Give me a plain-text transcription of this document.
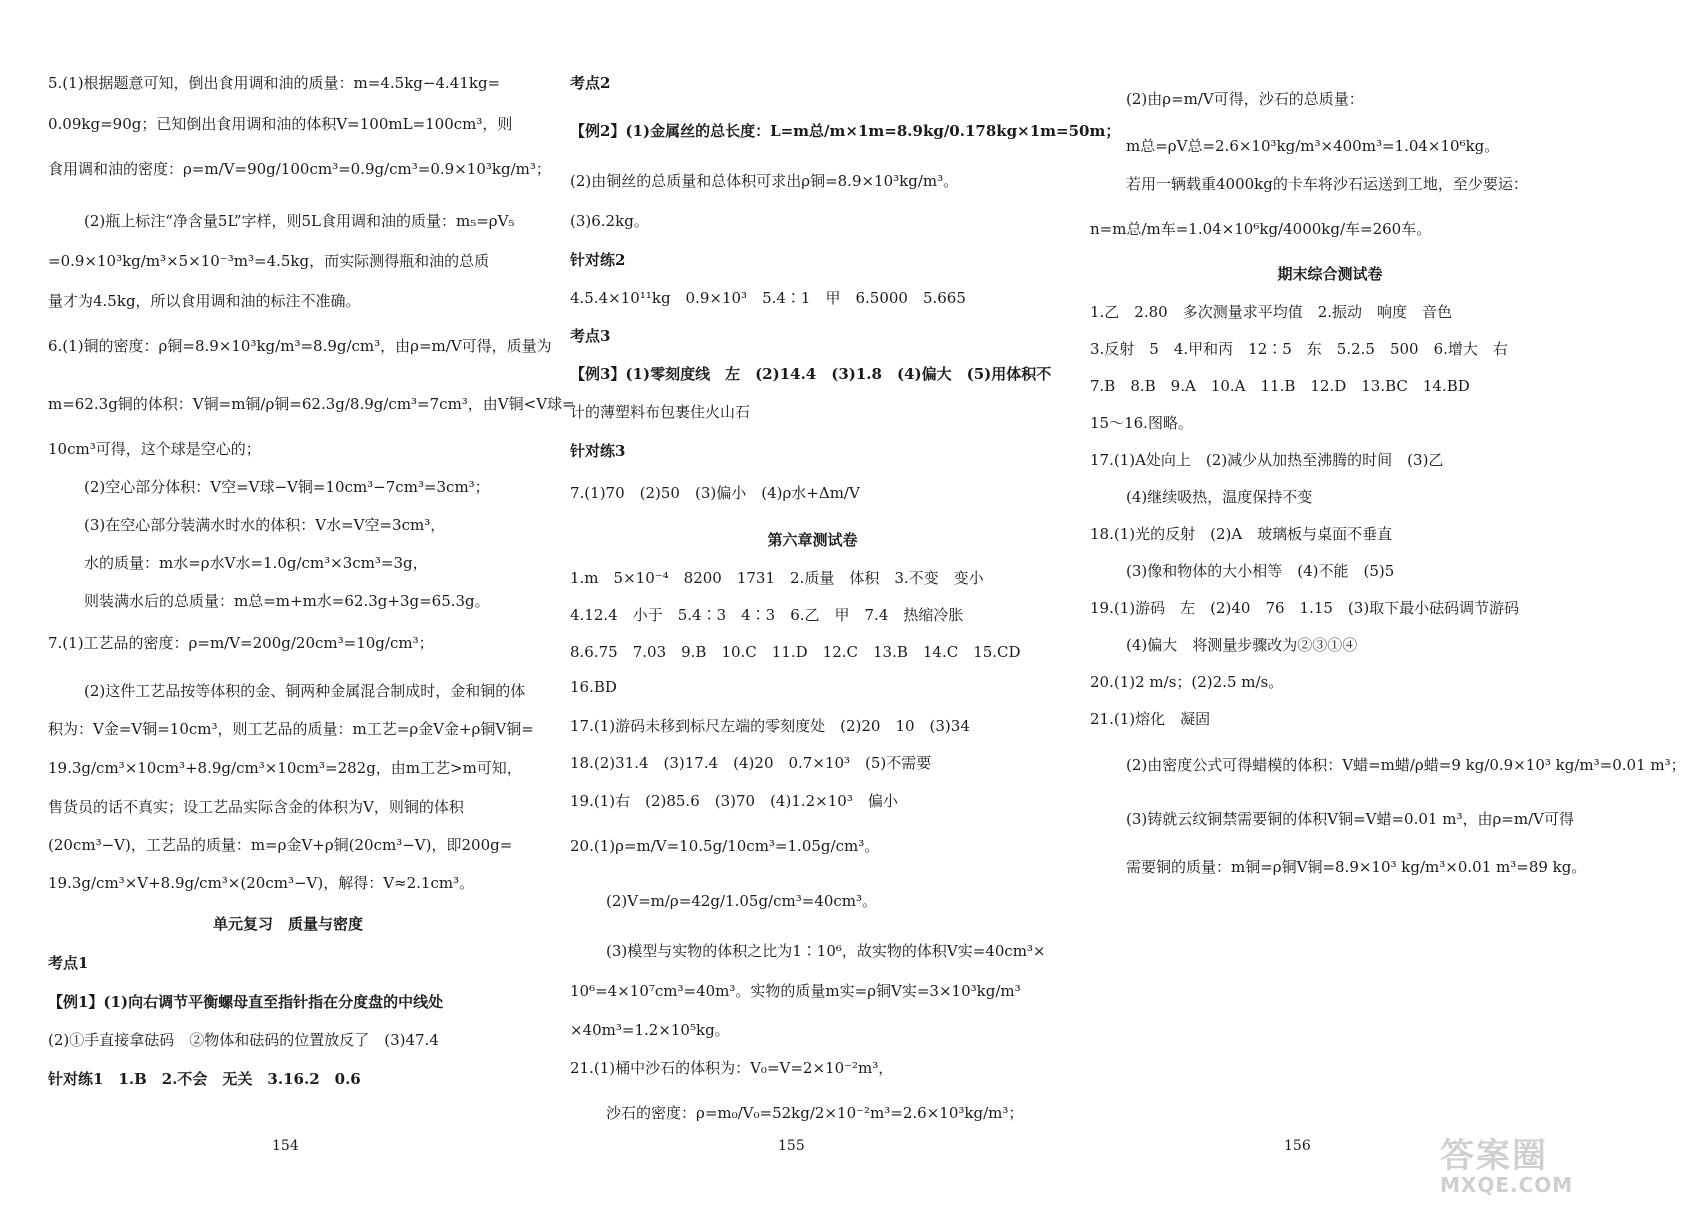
5.(1)根据题意可知，倒出食用调和油的质量：m=4.5kg−4.41kg=
0.09kg=90g；已知倒出食用调和油的体积V=100mL=100cm³，则
食用调和油的密度：ρ=m/V=90g/100cm³=0.9g/cm³=0.9×10³kg/m³；
(2)瓶上标注“净含量5L”字样，则5L食用调和油的质量：m₅=ρV₅
=0.9×10³kg/m³×5×10⁻³m³=4.5kg，而实际测得瓶和油的总质
量才为4.5kg，所以食用调和油的标注不准确。
6.(1)铜的密度：ρ铜=8.9×10³kg/m³=8.9g/cm³，由ρ=m/V可得，质量为
m=62.3g铜的体积：V铜=m铜/ρ铜=62.3g/8.9g/cm³=7cm³，由V铜<V球=
10cm³可得，这个球是空心的；
(2)空心部分体积：V空=V球−V铜=10cm³−7cm³=3cm³；
(3)在空心部分装满水时水的体积：V水=V空=3cm³，
水的质量：m水=ρ水V水=1.0g/cm³×3cm³=3g，
则装满水后的总质量：m总=m+m水=62.3g+3g=65.3g。
7.(1)工艺品的密度：ρ=m/V=200g/20cm³=10g/cm³；
(2)这件工艺品按等体积的金、铜两种金属混合制成时，金和铜的体
积为：V金=V铜=10cm³，则工艺品的质量：m工艺=ρ金V金+ρ铜V铜=
19.3g/cm³×10cm³+8.9g/cm³×10cm³=282g，由m工艺>m可知，
售货员的话不真实；设工艺品实际含金的体积为V，则铜的体积
(20cm³−V)，工艺品的质量：m=ρ金V+ρ铜(20cm³−V)，即200g=
19.3g/cm³×V+8.9g/cm³×(20cm³−V)，解得：V≈2.1cm³。
单元复习　质量与密度
考点1
【例1】(1)向右调节平衡螺母直至指针指在分度盘的中线处
(2)①手直接拿砝码　②物体和砝码的位置放反了　(3)47.4
针对练1　1.B　2.不会　无关　3.16.2　0.6
考点2
【例2】(1)金属丝的总长度：L=m总/m×1m=8.9kg/0.178kg×1m=50m；
(2)由铜丝的总质量和总体积可求出ρ铜=8.9×10³kg/m³。
(3)6.2kg。
针对练2
4.5.4×10¹¹kg　0.9×10³　5.4∶1　甲　6.5000　5.665
考点3
【例3】(1)零刻度线　左　(2)14.4　(3)1.8　(4)偏大　(5)用体积不
计的薄塑料布包裹住火山石
针对练3
7.(1)70　(2)50　(3)偏小　(4)ρ水+Δm/V
第六章测试卷
1.m　5×10⁻⁴　8200　1731　2.质量　体积　3.不变　变小
4.12.4　小于　5.4∶3　4∶3　6.乙　甲　7.4　热缩冷胀
8.6.75　7.03　9.B　10.C　11.D　12.C　13.B　14.C　15.CD
16.BD
17.(1)游码未移到标尺左端的零刻度处　(2)20　10　(3)34
18.(2)31.4　(3)17.4　(4)20　0.7×10³　(5)不需要
19.(1)右　(2)85.6　(3)70　(4)1.2×10³　偏小
20.(1)ρ=m/V=10.5g/10cm³=1.05g/cm³。
(2)V=m/ρ=42g/1.05g/cm³=40cm³。
(3)模型与实物的体积之比为1∶10⁶，故实物的体积V实=40cm³×
10⁶=4×10⁷cm³=40m³。实物的质量m实=ρ铜V实=3×10³kg/m³
×40m³=1.2×10⁵kg。
21.(1)桶中沙石的体积为：V₀=V=2×10⁻²m³，
沙石的密度：ρ=m₀/V₀=52kg/2×10⁻²m³=2.6×10³kg/m³；
(2)由ρ=m/V可得，沙石的总质量：
m总=ρV总=2.6×10³kg/m³×400m³=1.04×10⁶kg。
若用一辆载重4000kg的卡车将沙石运送到工地，至少要运：
n=m总/m车=1.04×10⁶kg/4000kg/车=260车。
期末综合测试卷
1.乙　2.80　多次测量求平均值　2.振动　响度　音色
3.反射　5　4.甲和丙　12∶5　东　5.2.5　500　6.增大　右
7.B　8.B　9.A　10.A　11.B　12.D　13.BC　14.BD
15～16.图略。
17.(1)A处向上　(2)减少从加热至沸腾的时间　(3)乙
(4)继续吸热，温度保持不变
18.(1)光的反射　(2)A　玻璃板与桌面不垂直
(3)像和物体的大小相等　(4)不能　(5)5
19.(1)游码　左　(2)40　76　1.15　(3)取下最小砝码调节游码
(4)偏大　将测量步骤改为②③①④
20.(1)2 m/s；(2)2.5 m/s。
21.(1)熔化　凝固
(2)由密度公式可得蜡模的体积：V蜡=m蜡/ρ蜡=9 kg/0.9×10³ kg/m³=0.01 m³；
(3)铸就云纹铜禁需要铜的体积V铜=V蜡=0.01 m³，由ρ=m/V可得
需要铜的质量：m铜=ρ铜V铜=8.9×10³ kg/m³×0.01 m³=89 kg。
154	155	156	答案圈
MXQE.COM
